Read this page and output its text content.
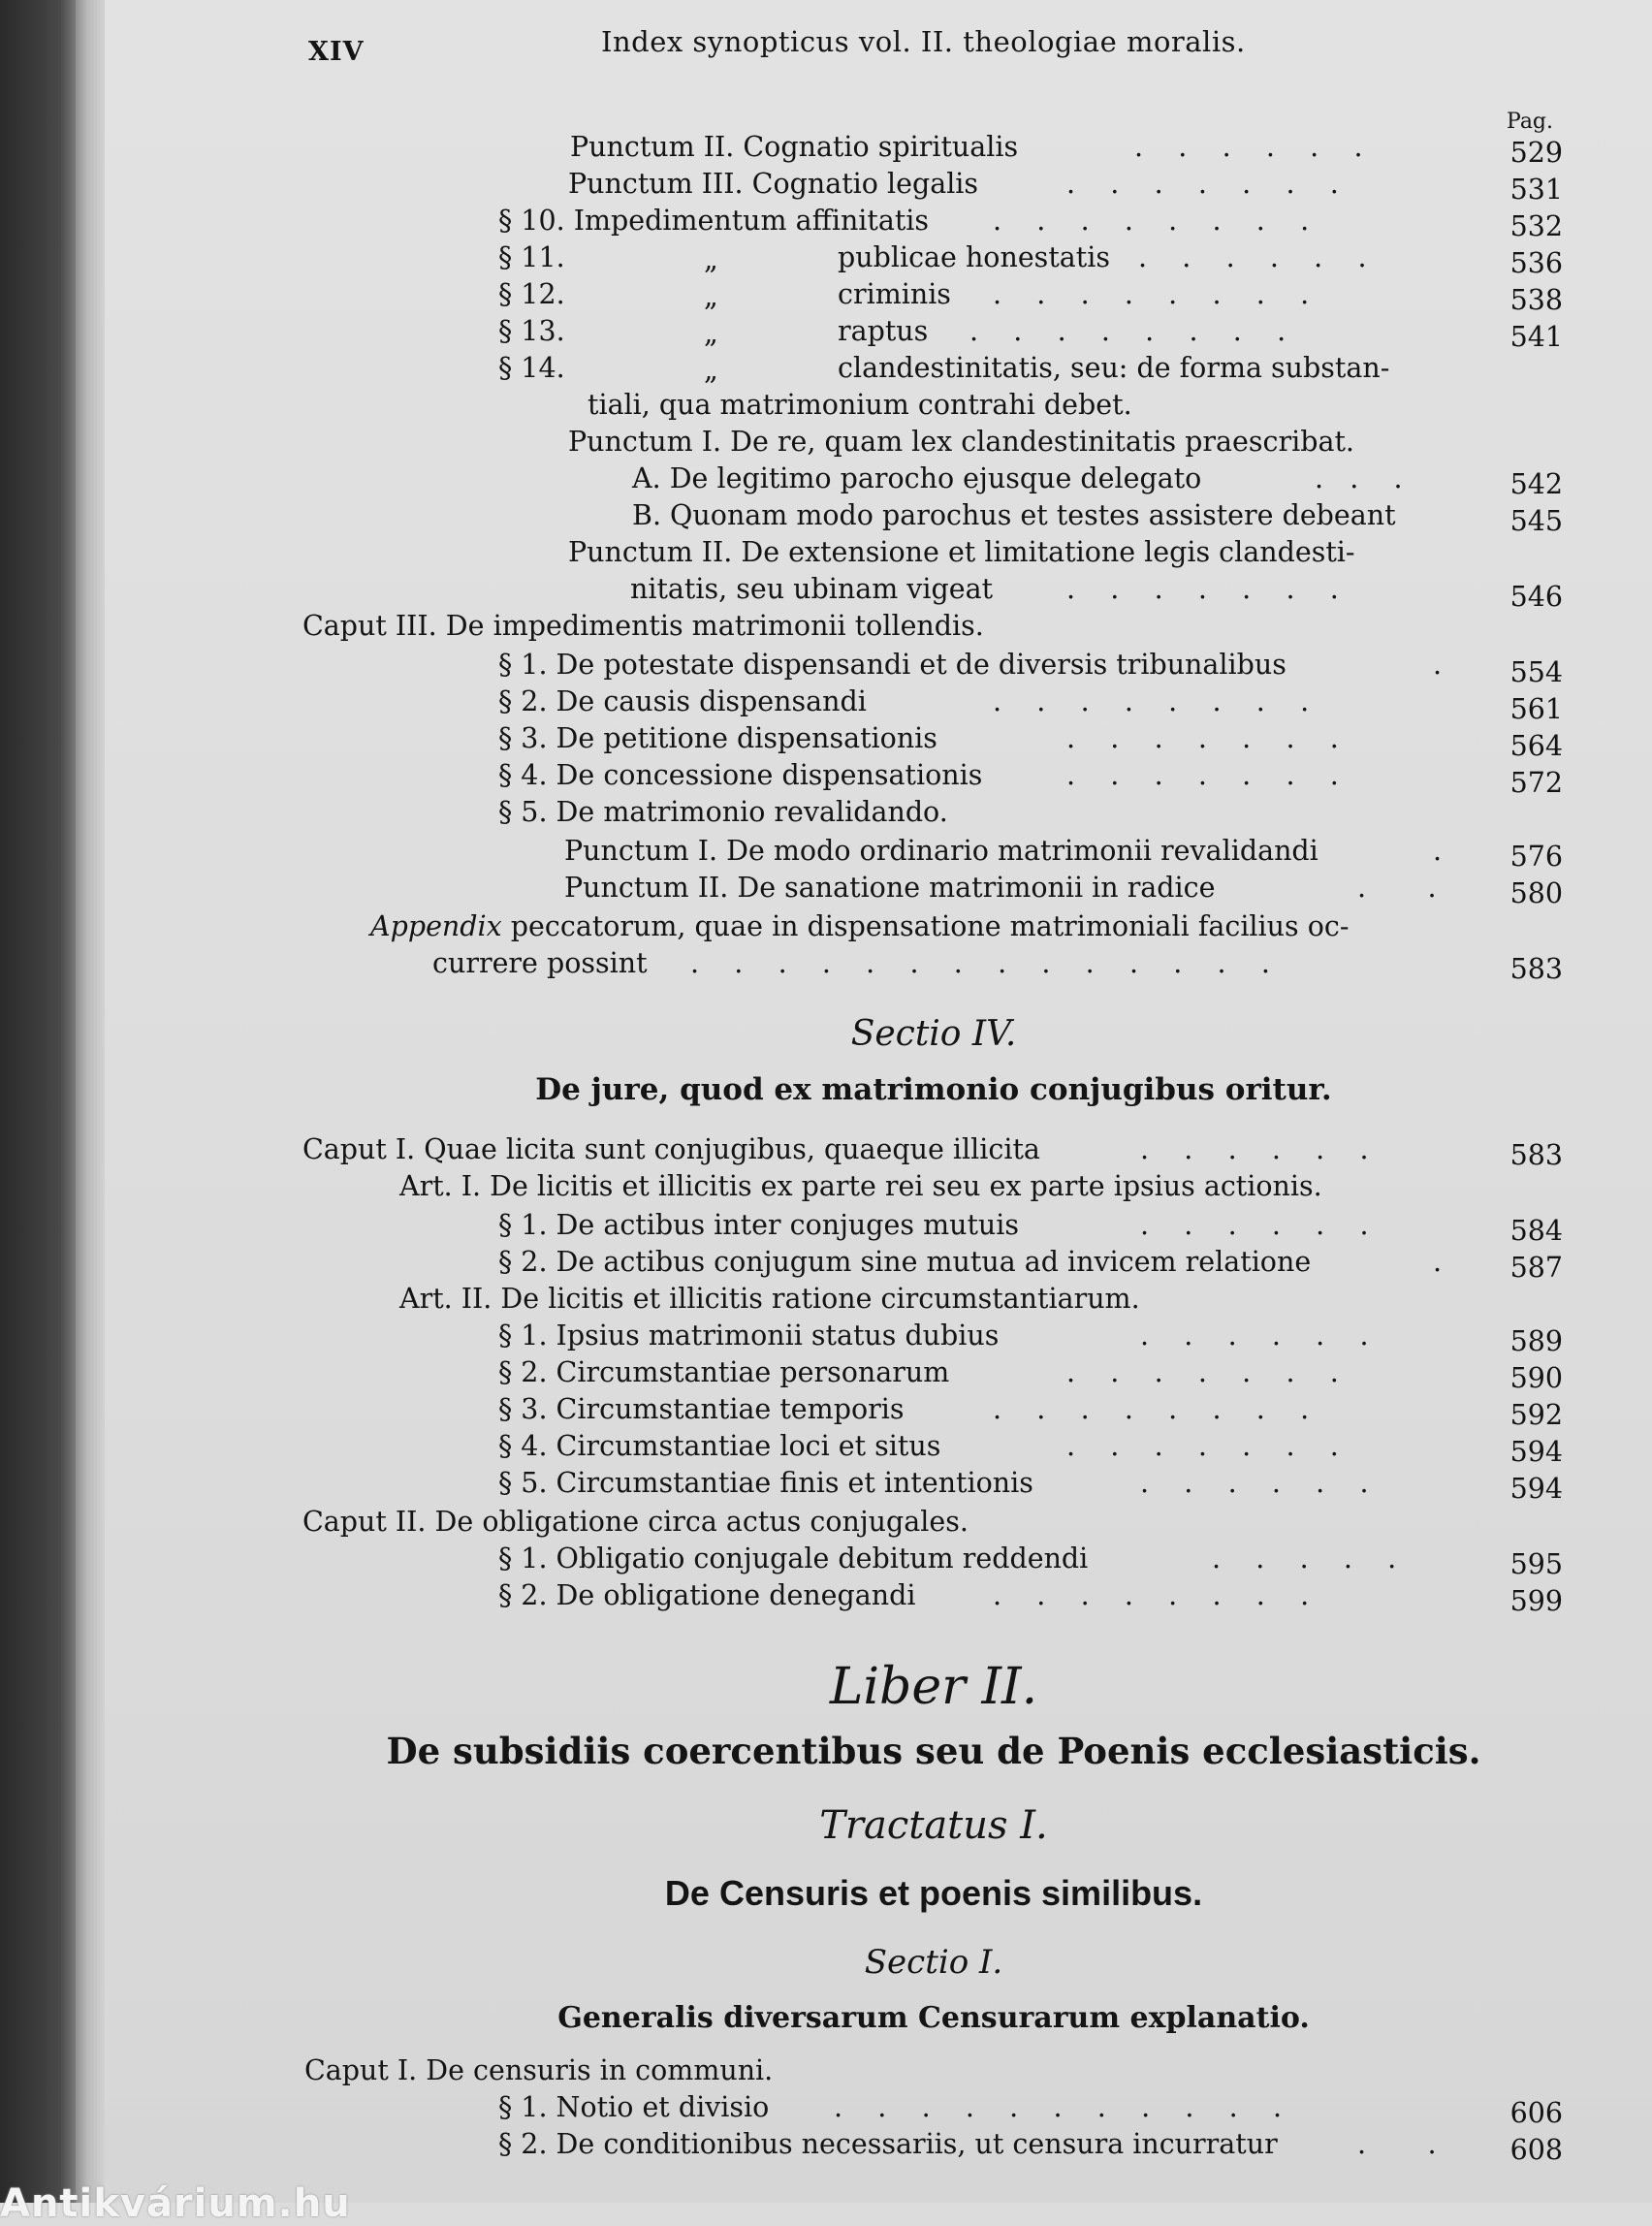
XIV	Index synopticus vol. II. theologiae moralis.
Pag.
Punctum II. Cognatio spiritualis	.    .    .    .    .    .	529
Punctum III. Cognatio legalis	.    .    .    .    .    .    .	531
§ 10. Impedimentum affinitatis .    .    .    .    .    .    .    .	532
§ 11.	„	publicae honestatis .    .    .    .    .    .	536
§ 12.	„	criminis .    .    .    .    .    .    .    .	538
§ 13.	„	raptus .    .    .    .    .    .    .    .	541
§ 14.	„	clandestinitatis, seu: de forma substan-
tiali, qua matrimonium contrahi debet.
Punctum I. De re, quam lex clandestinitatis praescribat.
A. De legitimo parocho ejusque delegato	.   .    .	542
B. Quonam modo parochus et testes assistere debeant	545
Punctum II. De extensione et limitatione legis clandesti-
nitatis, seu ubinam vigeat	.    .    .    .    .    .    .	546
Caput III. De impedimentis matrimonii tollendis.
§ 1. De potestate dispensandi et de diversis tribunalibus	. 554
§ 2. De causis dispensandi	.    .    .    .    .    .    .    .	561
§ 3. De petitione dispensationis	.    .    .    .    .    .    .	564
§ 4. De concessione dispensationis	.    .    .    .    .    .    .	572
§ 5. De matrimonio revalidando.
Punctum I. De modo ordinario matrimonii revalidandi	. 576
Punctum II. De sanatione matrimonii in radice	.       .	580
Appendix peccatorum, quae in dispensatione matrimoniali facilius oc-
currere possint .    .    .    .    .    .    .    .    .    .    .    .    .    .	583
Sectio IV.
De jure, quod ex matrimonio conjugibus oritur.
Caput I. Quae licita sunt conjugibus, quaeque illicita	.    .    .    .    .    .	583
Art. I. De licitis et illicitis ex parte rei seu ex parte ipsius actionis.
§ 1. De actibus inter conjuges mutuis	.    .    .    .    .    .	584
§ 2. De actibus conjugum sine mutua ad invicem relatione	. 587
Art. II. De licitis et illicitis ratione circumstantiarum.
§ 1. Ipsius matrimonii status dubius	.    .    .    .    .    .	589
§ 2. Circumstantiae personarum	.    .    .    .    .    .    .	590
§ 3. Circumstantiae temporis	.    .    .    .    .    .    .    .	592
§ 4. Circumstantiae loci et situs	.    .    .    .    .    .    .	594
§ 5. Circumstantiae finis et intentionis	.    .    .    .    .    .	594
Caput II. De obligatione circa actus conjugales.
§ 1. Obligatio conjugale debitum reddendi	.    .    .    .    .	595
§ 2. De obligatione denegandi	.    .    .    .    .    .    .    .	599
Liber II.
De subsidiis coercentibus seu de Poenis ecclesiasticis.
Tractatus I.
De Censuris et poenis similibus.
Sectio I.
Generalis diversarum Censurarum explanatio.
Caput I. De censuris in communi.
§ 1. Notio et divisio .    .    .    .    .    .    .    .    .    .    .	606
§ 2. De conditionibus necessariis, ut censura incurratur	.       .	608
Antikvárium.hu
